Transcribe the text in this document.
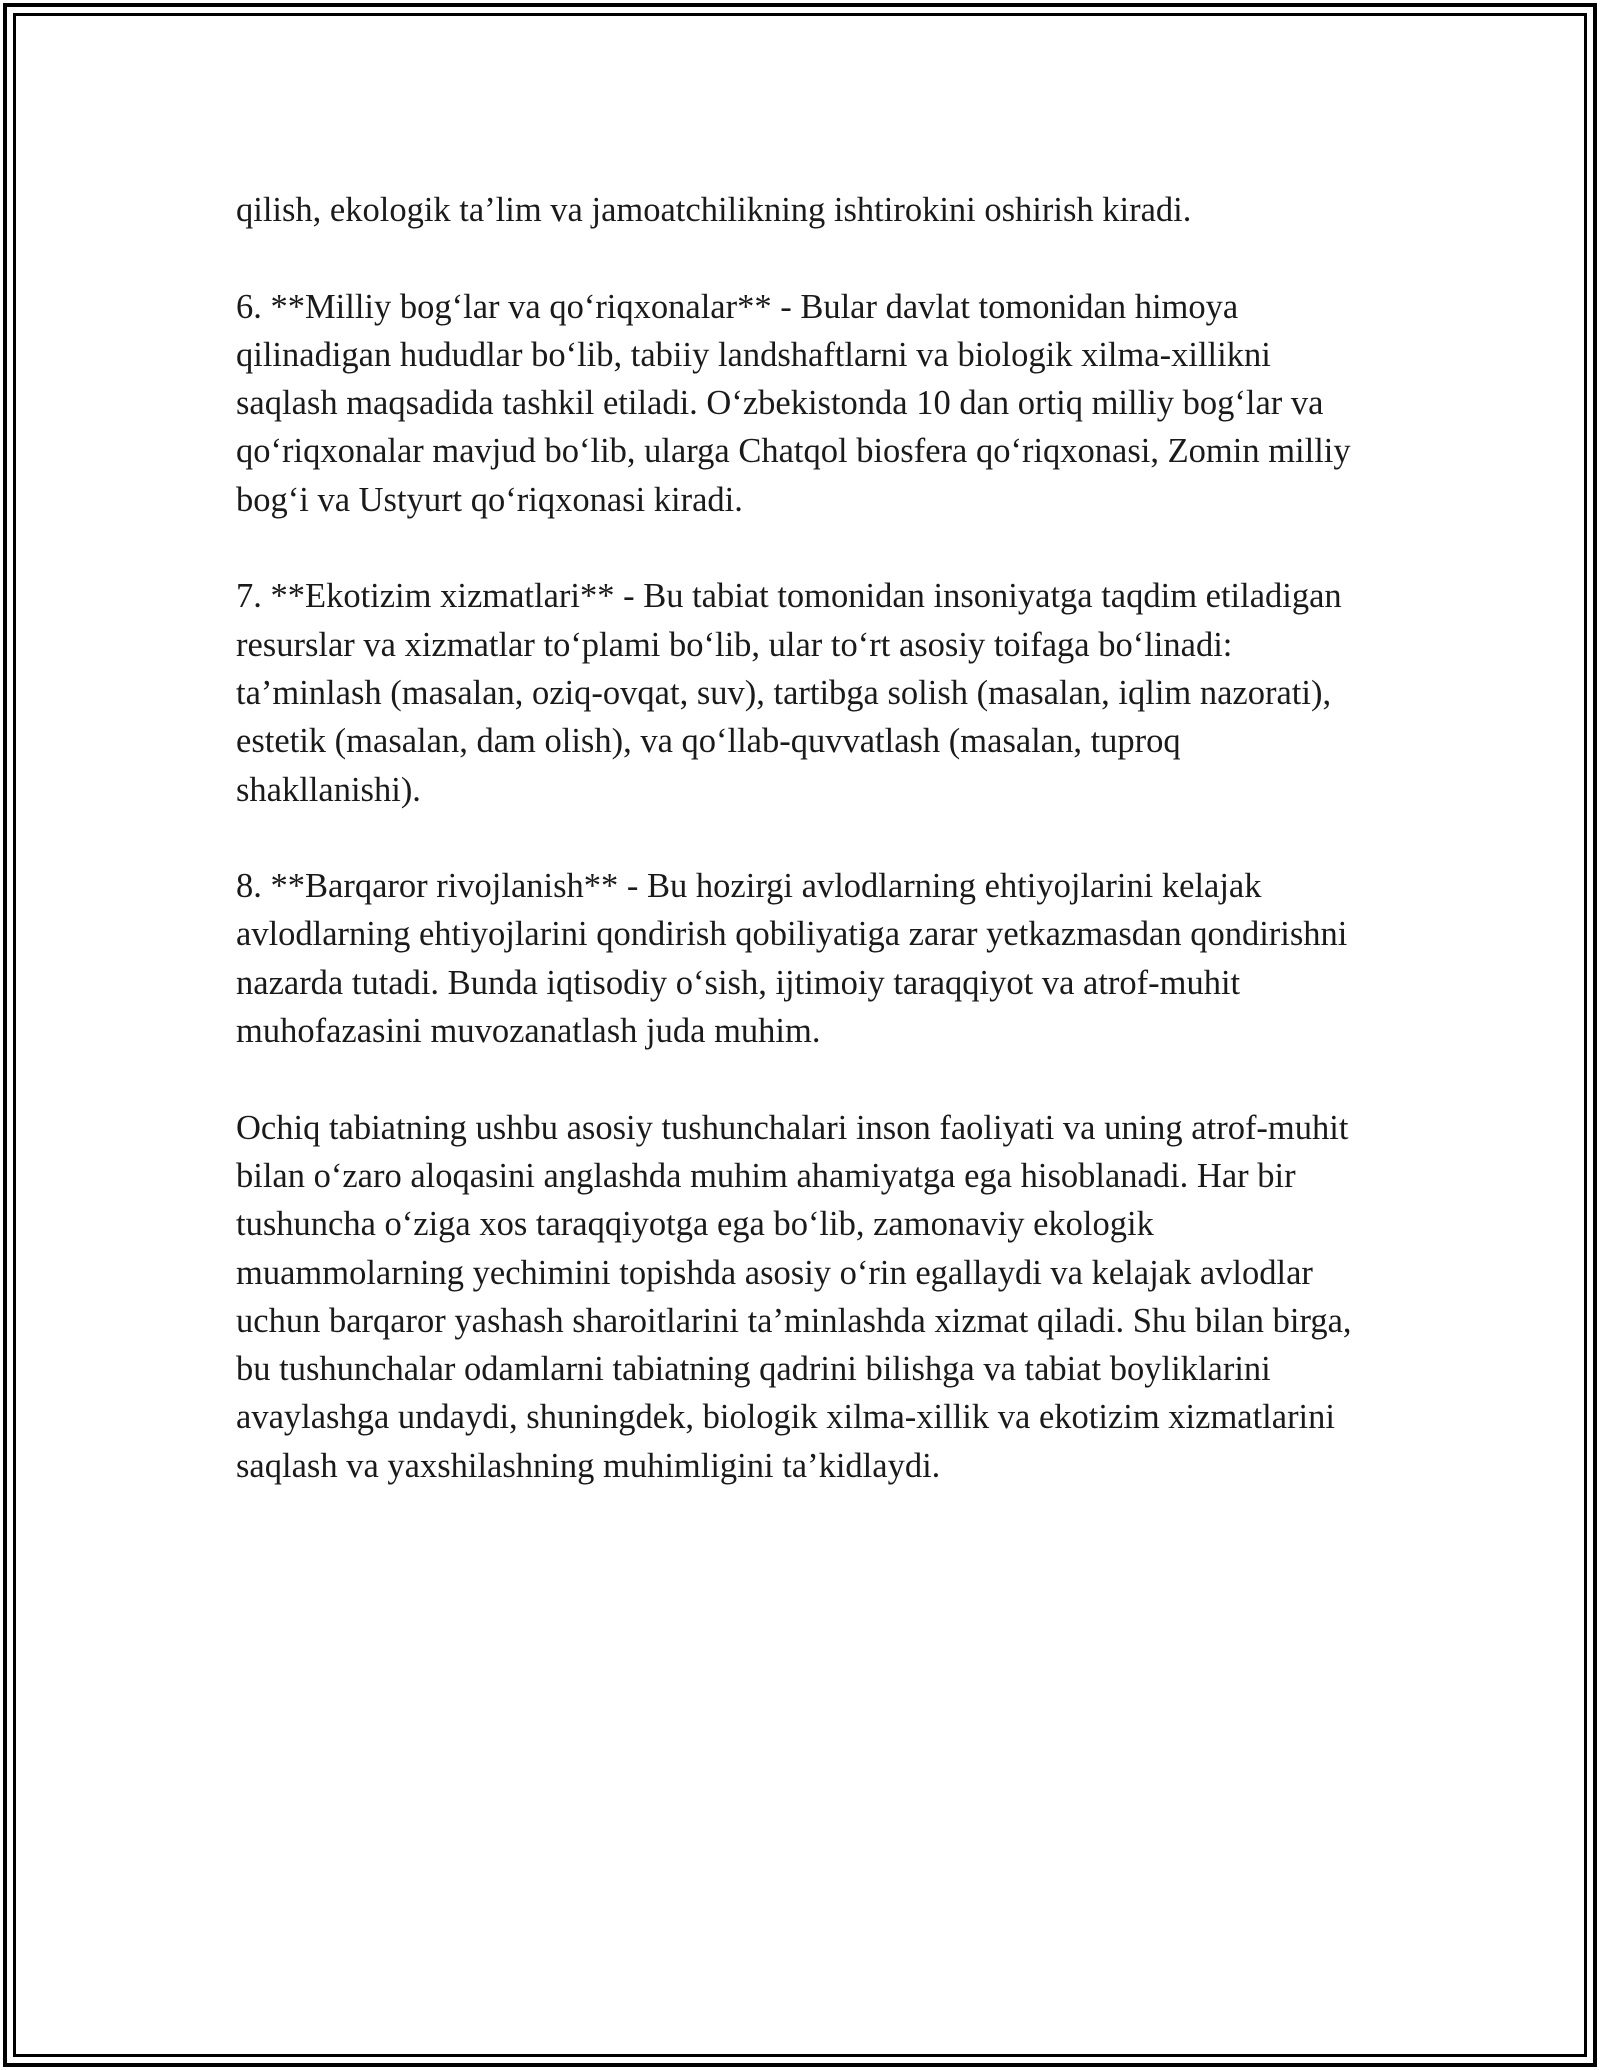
qilish, ekologik ta’lim va jamoatchilikning ishtirokini oshirish kiradi.

6. **Milliy bog‘lar va qo‘riqxonalar** - Bular davlat tomonidan himoya qilinadigan hududlar bo‘lib, tabiiy landshaftlarni va biologik xilma-xillikni saqlash maqsadida tashkil etiladi. O‘zbekistonda 10 dan ortiq milliy bog‘lar va qo‘riqxonalar mavjud bo‘lib, ularga Chatqol biosfera qo‘riqxonasi, Zomin milliy bog‘i va Ustyurt qo‘riqxonasi kiradi.

7. **Ekotizim xizmatlari** - Bu tabiat tomonidan insoniyatga taqdim etiladigan resurslar va xizmatlar to‘plami bo‘lib, ular to‘rt asosiy toifaga bo‘linadi: ta’minlash (masalan, oziq-ovqat, suv), tartibga solish (masalan, iqlim nazorati), estetik (masalan, dam olish), va qo‘llab-quvvatlash (masalan, tuproq shakllanishi).

8. **Barqaror rivojlanish** - Bu hozirgi avlodlarning ehtiyojlarini kelajak avlodlarning ehtiyojlarini qondirish qobiliyatiga zarar yetkazmasdan qondirishni nazarda tutadi. Bunda iqtisodiy o‘sish, ijtimoiy taraqqiyot va atrof-muhit muhofazasini muvozanatlash juda muhim.

Ochiq tabiatning ushbu asosiy tushunchalari inson faoliyati va uning atrof-muhit bilan o‘zaro aloqasini anglashda muhim ahamiyatga ega hisoblanadi. Har bir tushuncha o‘ziga xos taraqqiyotga ega bo‘lib, zamonaviy ekologik muammolarning yechimini topishda asosiy o‘rin egallaydi va kelajak avlodlar uchun barqaror yashash sharoitlarini ta’minlashda xizmat qiladi. Shu bilan birga, bu tushunchalar odamlarni tabiatning qadrini bilishga va tabiat boyliklarini avaylashga undaydi, shuningdek, biologik xilma-xillik va ekotizim xizmatlarini saqlash va yaxshilashning muhimligini ta’kidlaydi.
